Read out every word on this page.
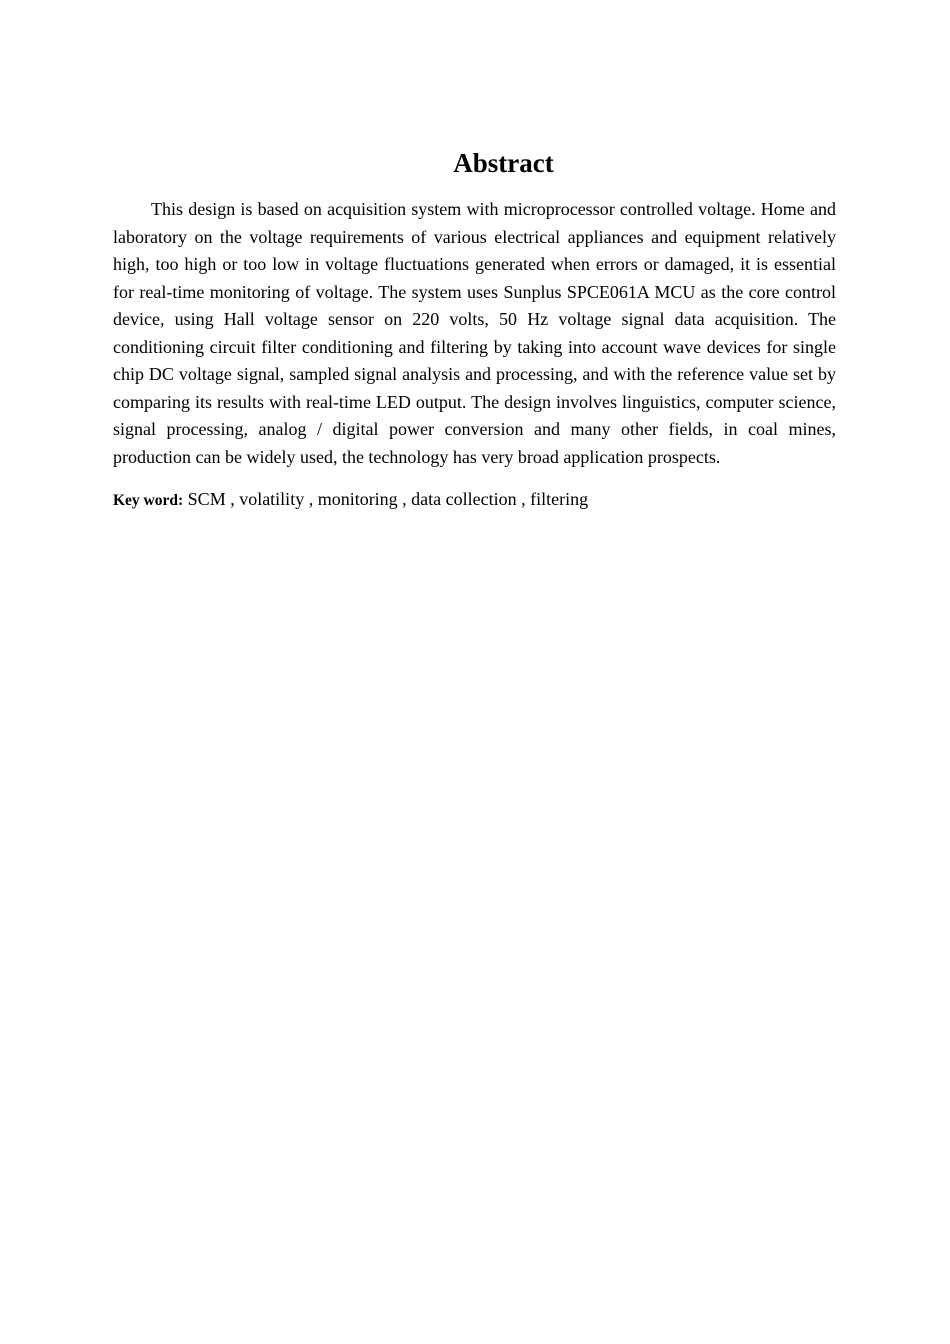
Abstract

This design is based on acquisition system with microprocessor controlled voltage. Home and laboratory on the voltage requirements of various electrical appliances and equipment relatively high, too high or too low in voltage fluctuations generated when errors or damaged, it is essential for real-time monitoring of voltage. The system uses Sunplus SPCE061A MCU as the core control device, using Hall voltage sensor on 220 volts, 50 Hz voltage signal data acquisition. The conditioning circuit filter conditioning and filtering by taking into account wave devices for single chip DC voltage signal, sampled signal analysis and processing, and with the reference value set by comparing its results with real-time LED output. The design involves linguistics, computer science, signal processing, analog / digital power conversion and many other fields, in coal mines, production can be widely used, the technology has very broad application prospects.

Key word: SCM , volatility , monitoring , data collection , filtering
